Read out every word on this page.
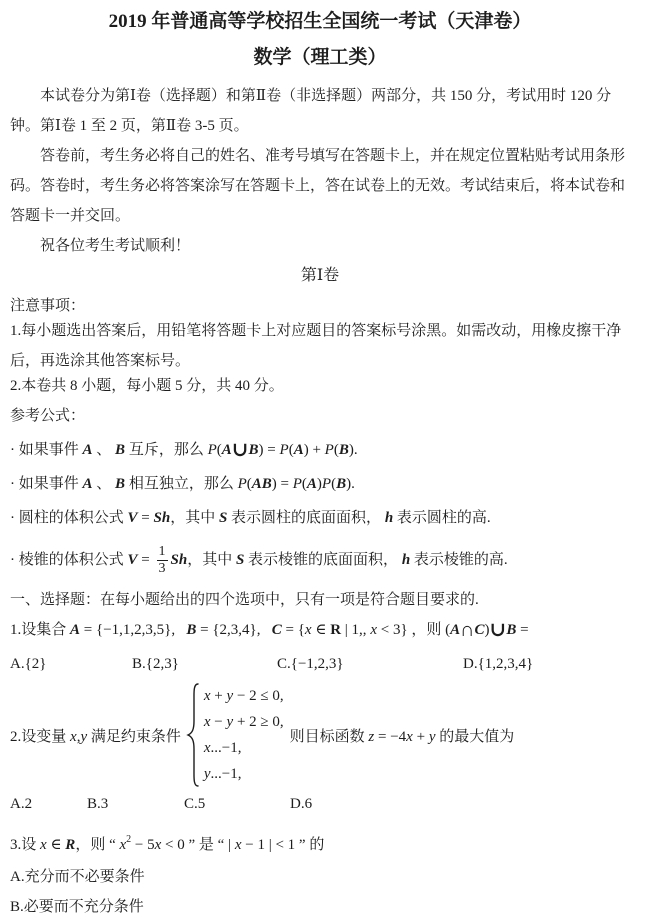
2019 年普通高等学校招生全国统一考试（天津卷）
数学（理工类）

本试卷分为第Ⅰ卷（选择题）和第Ⅱ卷（非选择题）两部分，共 150 分，考试用时 120 分钟。第Ⅰ卷 1 至 2 页，第Ⅱ卷 3-5 页。

答卷前，考生务必将自己的姓名、准考号填写在答题卡上，并在规定位置粘贴考试用条形码。答卷时，考生务必将答案涂写在答题卡上，答在试卷上的无效。考试结束后，将本试卷和答题卡一并交回。

祝各位考生考试顺利！

第Ⅰ卷

注意事项：

1.每小题选出答案后，用铅笔将答题卡上对应题目的答案标号涂黑。如需改动，用橡皮擦干净后，再选涂其他答案标号。

2.本卷共 8 小题，每小题 5 分，共 40 分。

参考公式：

· 如果事件 A 、 B 互斥，那么 P(A∪B) = P(A) + P(B).

· 如果事件 A 、 B 相互独立，那么 P(AB) = P(A)P(B).

· 圆柱的体积公式 V = Sh，其中 S 表示圆柱的底面面积， h 表示圆柱的高.

· 棱锥的体积公式 $V = \frac{1}{3}$ Sh，其中 S 表示棱锥的底面面积， h 表示棱锥的高.

一、选择题：在每小题给出的四个选项中，只有一项是符合题目要求的.

1.设集合 A = {−1,1,2,3,5},   B = {2,3,4},   C = {x ∈ R | 1,, x < 3} ，则 (A∩C)∪B =

A.{2}	B.{2,3}	C.{−1,2,3}	D.{1,2,3,4}
2.设变量 x,y 满足约束条件
x + y − 2 ≤ 0,
x − y + 2 ≥ 0,
x...−1,
y...−1,
则目标函数 z = −4x + y 的最大值为
A.2	B.3	C.5	D.6

3.设 x ∈ R，则 “ $x^2 - 5x < 0$ ” 是 “ | x − 1 | < 1 ” 的

A.充分而不必要条件

B.必要而不充分条件
